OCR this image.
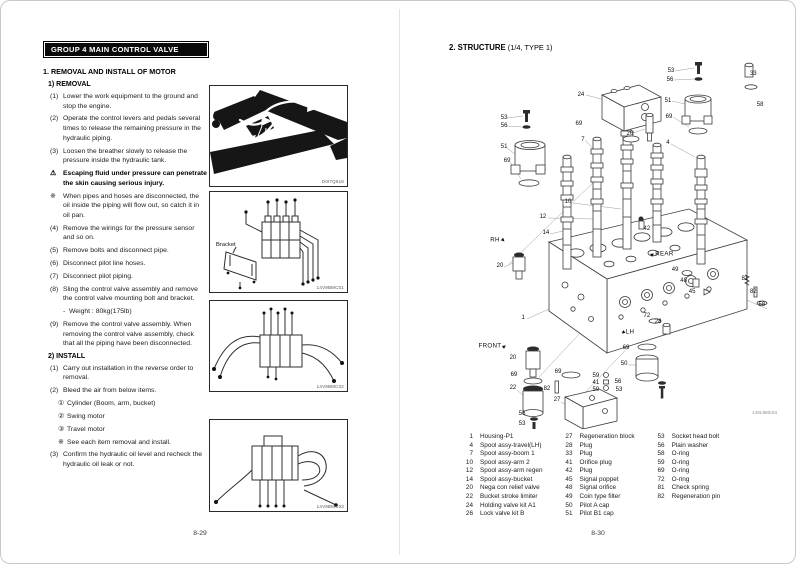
GROUP 4 MAIN CONTROL VALVE
1. REMOVAL AND INSTALL OF MOTOR
1) REMOVAL
(1) Lower the work equipment to the ground and stop the engine.
(2) Operate the control levers and pedals several times to release the remaining pressure in the hydraulic piping.
(3) Loosen the breather slowly to release the pressure inside the hydraulic tank.
⚠	Escaping fluid under pressure can penetrate the skin causing serious injury.
※	When pipes and hoses are disconnected, the oil inside the piping will flow out, so catch it in oil pan.
(4) Remove the wirings for the pressure sensor and so on.
(5) Remove bolts and disconnect pipe.
(6) Disconnect pilot line hoses.
(7) Disconnect pilot piping.
(8) Sling the control valve assembly and remove the control valve mounting bolt and bracket.
- Weight : 80kg(175lb)
(9) Remove the control valve assembly. When removing the control valve assembly, check that all the piping have been disconnected.
2) INSTALL
(1) Carry out installation in the reverse order to removal.
(2) Bleed the air from below items.
① Cylinder (Boom, arm, bucket)
② Swing motor
③ Travel motor
※ See each item removal and install.
(3) Confirm the hydraulic oil level and recheck the hydraulic oil leak or not.
D0I7Q618
Bracket
14V9BMC01
14V9BMC02
14V9BMC03
8-29
2. STRUCTURE (1/4, TYPE 1)
24
69
7
26
53
56
51
69
53
56
51
69
4
33
58
10
12
14
42
RH▶
▶REAR
20
49
48
45
81
82
58
1	72
28
▶LH
FRONT▶
20
69
22
56
53
82
69
27
59
41
59
50
69
56
53
14SL9MC04
1	Housing-P1
4	Spool assy-travel(LH)
7	Spool assy-boom 1
10	Spool assy-arm 2
12	Spool assy-arm regen
14	Spool assy-bucket
20	Nega con relief valve
22	Bucket stroke limiter
24	Holding valve kit A1
26	Lock valve kit B
27	Regeneration block
28	Plug
33	Plug
41	Orifice plug
42	Plug
45	Signal poppet
48	Signal orifice
49	Coin type filter
50	Pilot A cap
51	Pilot B1 cap
53	Socket head bolt
56	Plain washer
58	O-ring
59	O-ring
69	O-ring
72	O-ring
81	Check spring
82	Regeneration pin
8-30
